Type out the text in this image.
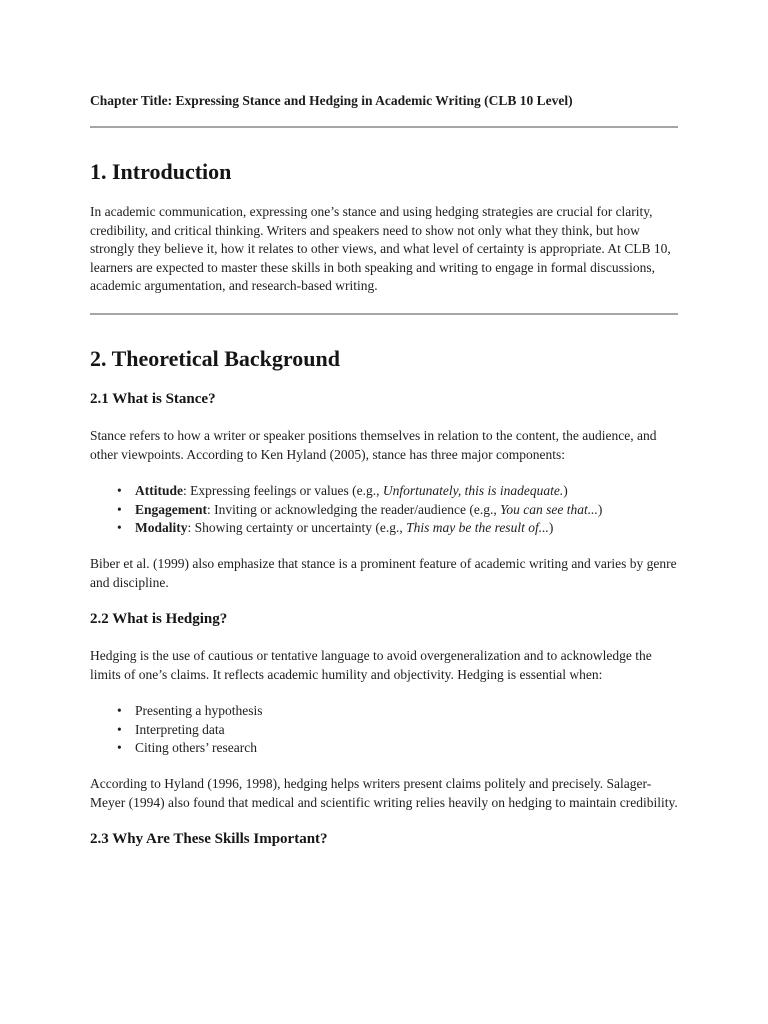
Chapter Title: Expressing Stance and Hedging in Academic Writing (CLB 10 Level)

1. Introduction

In academic communication, expressing one’s stance and using hedging strategies are crucial for clarity, credibility, and critical thinking. Writers and speakers need to show not only what they think, but how strongly they believe it, how it relates to other views, and what level of certainty is appropriate. At CLB 10, learners are expected to master these skills in both speaking and writing to engage in formal discussions, academic argumentation, and research-based writing.

2. Theoretical Background
2.1 What is Stance?

Stance refers to how a writer or speaker positions themselves in relation to the content, the audience, and other viewpoints. According to Ken Hyland (2005), stance has three major components:

• Attitude: Expressing feelings or values (e.g., Unfortunately, this is inadequate.)
• Engagement: Inviting or acknowledging the reader/audience (e.g., You can see that...)
• Modality: Showing certainty or uncertainty (e.g., This may be the result of...)

Biber et al. (1999) also emphasize that stance is a prominent feature of academic writing and varies by genre and discipline.

2.2 What is Hedging?

Hedging is the use of cautious or tentative language to avoid overgeneralization and to acknowledge the limits of one’s claims. It reflects academic humility and objectivity. Hedging is essential when:

• Presenting a hypothesis
• Interpreting data
• Citing others’ research

According to Hyland (1996, 1998), hedging helps writers present claims politely and precisely. Salager-Meyer (1994) also found that medical and scientific writing relies heavily on hedging to maintain credibility.

2.3 Why Are These Skills Important?
